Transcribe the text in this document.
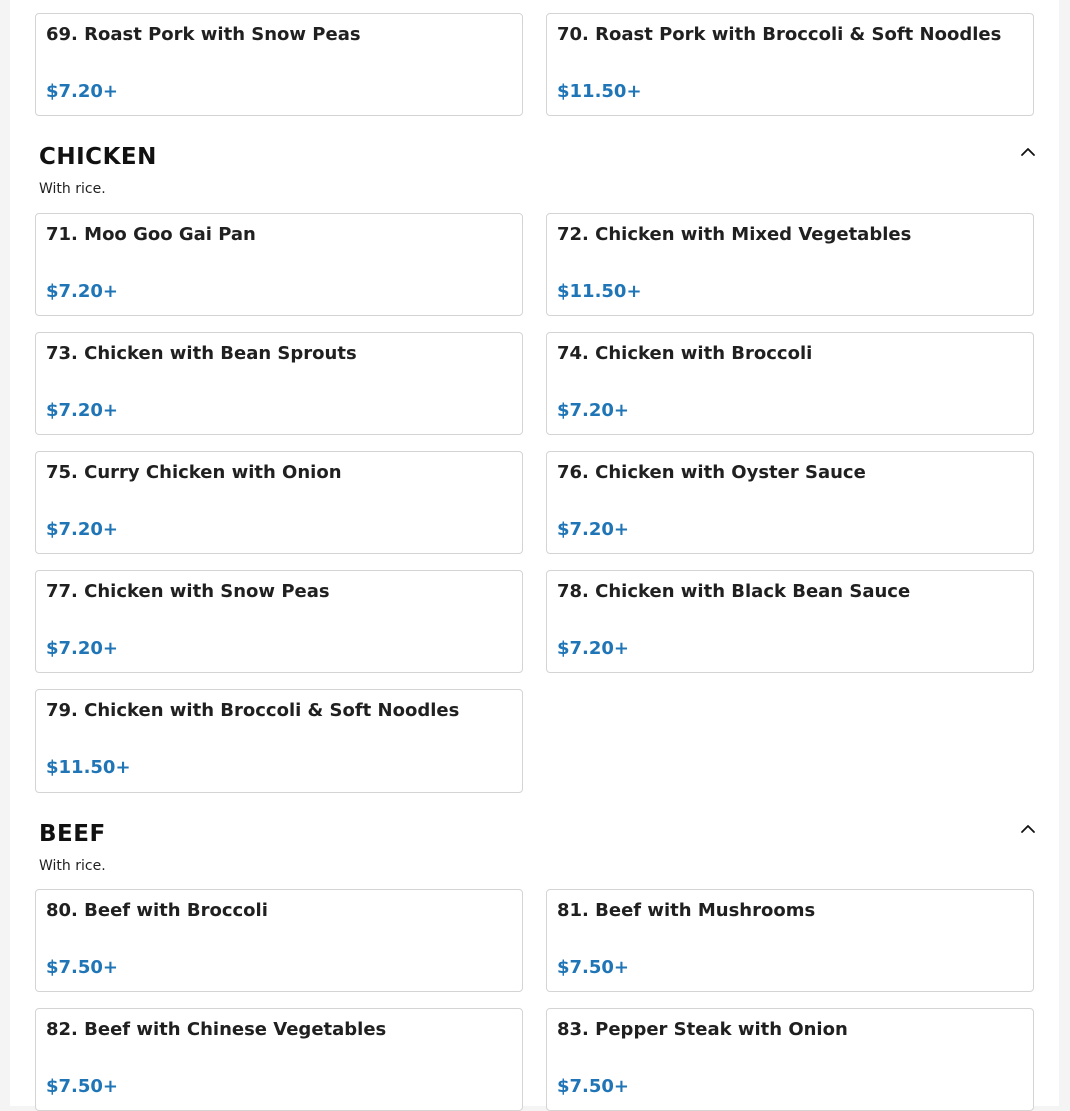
69. Roast Pork with Snow Peas
$7.20+
70. Roast Pork with Broccoli & Soft Noodles
$11.50+
CHICKEN
With rice.
71. Moo Goo Gai Pan
$7.20+
72. Chicken with Mixed Vegetables
$11.50+
73. Chicken with Bean Sprouts
$7.20+
74. Chicken with Broccoli
$7.20+
75. Curry Chicken with Onion
$7.20+
76. Chicken with Oyster Sauce
$7.20+
77. Chicken with Snow Peas
$7.20+
78. Chicken with Black Bean Sauce
$7.20+
79. Chicken with Broccoli & Soft Noodles
$11.50+
BEEF
With rice.
80. Beef with Broccoli
$7.50+
81. Beef with Mushrooms
$7.50+
82. Beef with Chinese Vegetables
$7.50+
83. Pepper Steak with Onion
$7.50+
